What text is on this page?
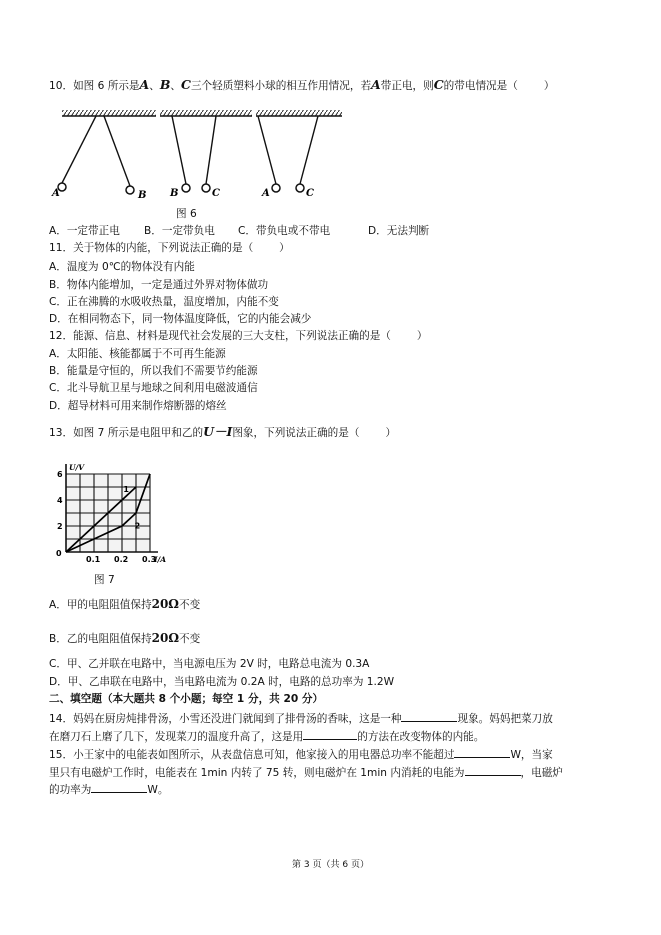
10．如图 6 所示是A、B、C三个轻质塑料小球的相互作用情况，若A带正电，则C的带电情况是（ ）
A	B B	C	A	C
图 6
A．一定带正电 B．一定带负电 C．带负电或不带电	D．无法判断
11．关于物体的内能，下列说法正确的是（ ）
A．温度为 0℃的物体没有内能
B．物体内能增加，一定是通过外界对物体做功
C．正在沸腾的水吸收热量，温度增加，内能不变
D．在相同物态下，同一物体温度降低，它的内能会减少
12．能源、信息、材料是现代社会发展的三大支柱，下列说法正确的是（ ）
A．太阳能、核能都属于不可再生能源
B．能量是守恒的，所以我们不需要节约能源
C．北斗导航卫星与地球之间利用电磁波通信
D．超导材料可用来制作熔断器的熔丝
13．如图 7 所示是电阻甲和乙的U－I图象，下列说法正确的是（ ）
1
2
0.1 0.2 0.3
2
4
6
0
I/A
U/V
图 7
A．甲的电阻阻值保持20Ω不变
B．乙的电阻阻值保持20Ω不变
C．甲、乙并联在电路中，当电源电压为 2V 时，电路总电流为 0.3A
D．甲、乙串联在电路中，当电路电流为 0.2A 时，电路的总功率为 1.2W
二、填空题（本大题共 8 个小题；每空 1 分，共 20 分）
14．妈妈在厨房炖排骨汤，小雪还没进门就闻到了排骨汤的香味，这是一种	现象。妈妈把菜刀放
在磨刀石上磨了几下，发现菜刀的温度升高了，这是用	的方法在改变物体的内能。
15．小王家中的电能表如图所示，从表盘信息可知，他家接入的用电器总功率不能超过	W，当家
里只有电磁炉工作时，电能表在 1min 内转了 75 转，则电磁炉在 1min 内消耗的电能为	，电磁炉
的功率为	W。
第 3 页（共 6 页）
